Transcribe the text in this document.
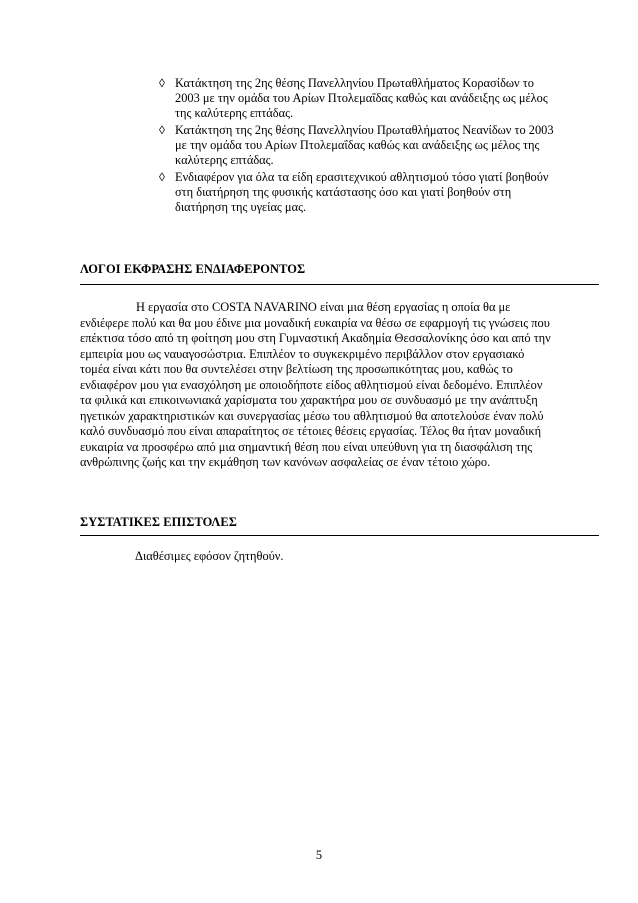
◊ Κατάκτηση της 2ης θέσης Πανελληνίου Πρωταθλήματος Κορασίδων το 2003 με την ομάδα του Αρίων Πτολεμαΐδας καθώς και ανάδειξης ως μέλος της καλύτερης επτάδας.
◊ Κατάκτηση της 2ης θέσης Πανελληνίου Πρωταθλήματος Νεανίδων το 2003 με την ομάδα του Αρίων Πτολεμαΐδας καθώς και ανάδειξης ως μέλος της καλύτερης επτάδας.
◊ Ενδιαφέρον για όλα τα είδη ερασιτεχνικού αθλητισμού τόσο γιατί βοηθούν στη διατήρηση της φυσικής κατάστασης όσο και γιατί βοηθούν στη διατήρηση της υγείας μας.
ΛΟΓΟΙ ΕΚΦΡΑΣΗΣ ΕΝΔΙΑΦΕΡΟΝΤΟΣ

Η εργασία στο COSTA NAVARINO είναι μια θέση εργασίας η οποία θα με ενδιέφερε πολύ και θα μου έδινε μια μοναδική ευκαιρία να θέσω σε εφαρμογή τις γνώσεις που επέκτισα τόσο από τη φοίτηση μου στη Γυμναστική Ακαδημία Θεσσαλονίκης όσο και από την εμπειρία μου ως ναυαγοσώστρια. Επιπλέον το συγκεκριμένο περιβάλλον στον εργασιακό τομέα είναι κάτι που θα συντελέσει στην βελτίωση της προσωπικότητας μου, καθώς το ενδιαφέρον μου για ενασχόληση με οποιοδήποτε είδος αθλητισμού είναι δεδομένο. Επιπλέον τα φιλικά και επικοινωνιακά χαρίσματα του χαρακτήρα μου σε συνδυασμό με την ανάπτυξη ηγετικών χαρακτηριστικών και συνεργασίας μέσω του αθλητισμού θα αποτελούσε έναν πολύ καλό συνδυασμό που είναι απαραίτητος σε τέτοιες θέσεις εργασίας. Τέλος θα ήταν μοναδική ευκαιρία να προσφέρω από μια σημαντική θέση που είναι υπεύθυνη για τη διασφάλιση της ανθρώπινης ζωής και την εκμάθηση των κανόνων ασφαλείας σε έναν τέτοιο χώρο.

ΣΥΣΤΑΤΙΚΕΣ ΕΠΙΣΤΟΛΕΣ

Διαθέσιμες εφόσον ζητηθούν.

5
